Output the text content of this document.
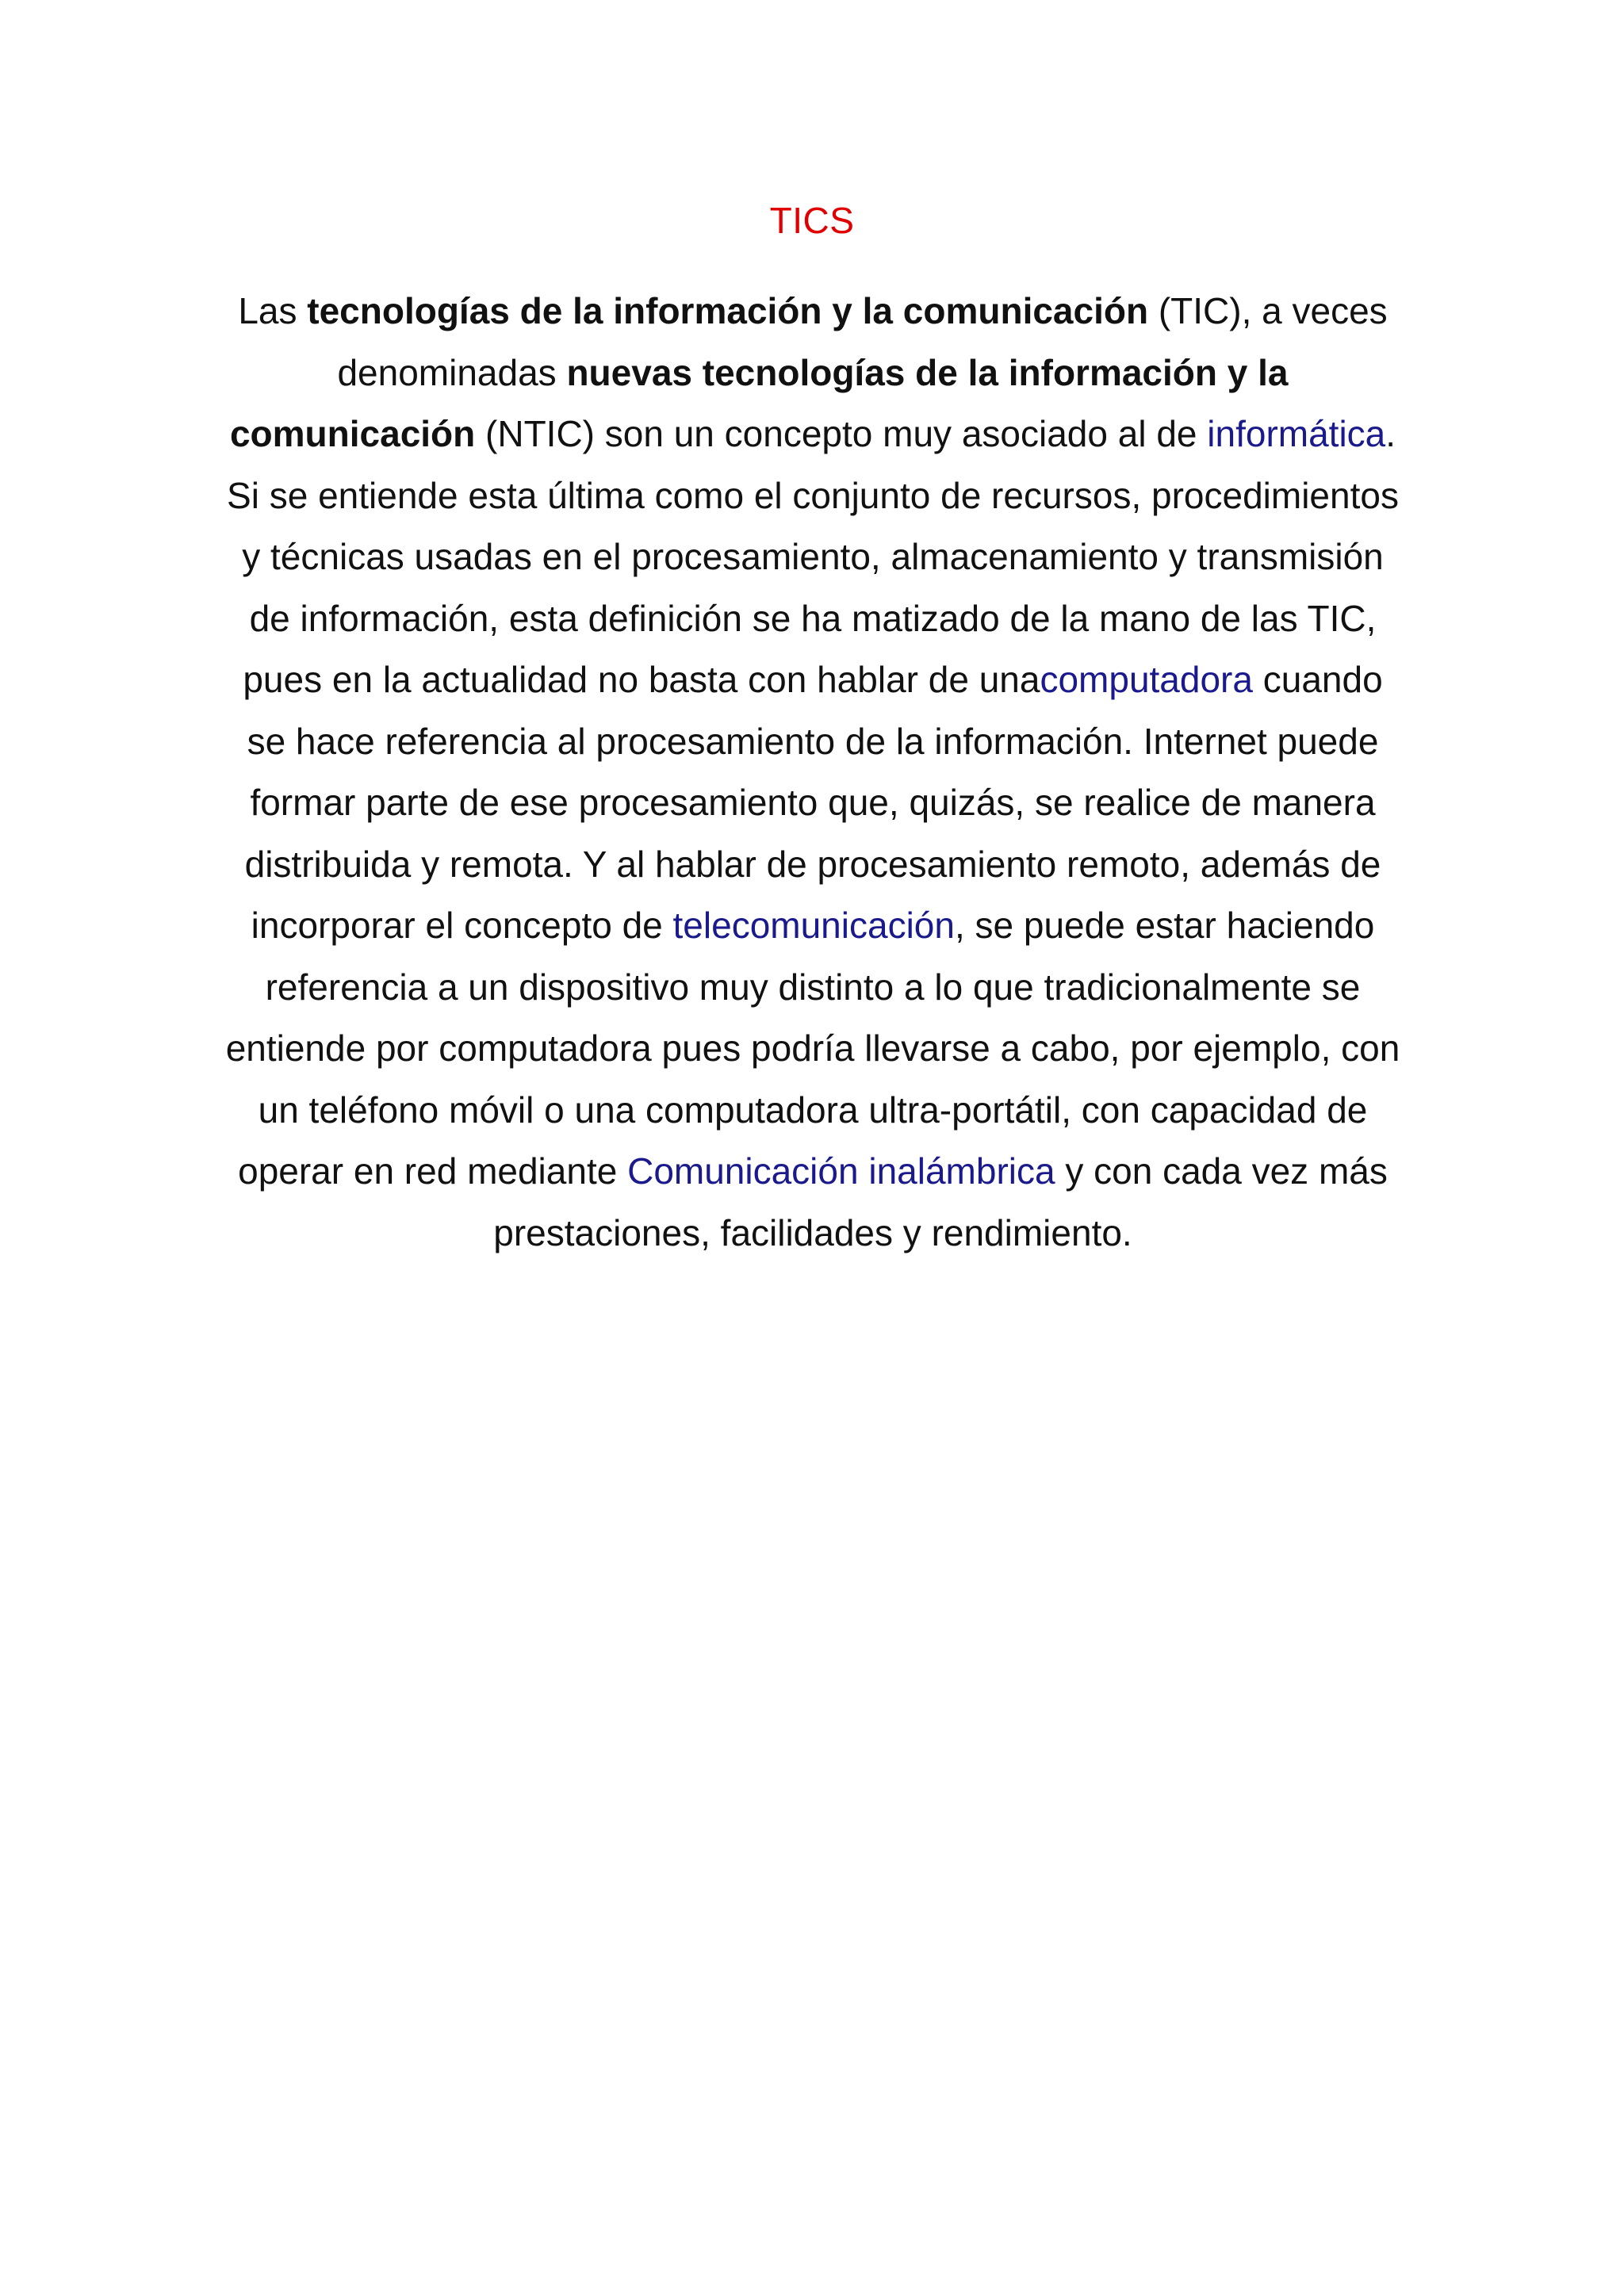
TICS

Las tecnologías de la información y la comunicación (TIC), a veces denominadas nuevas tecnologías de la información y la comunicación (NTIC) son un concepto muy asociado al de informática. Si se entiende esta última como el conjunto de recursos, procedimientos y técnicas usadas en el procesamiento, almacenamiento y transmisión de información, esta definición se ha matizado de la mano de las TIC, pues en la actualidad no basta con hablar de unacomputadora cuando se hace referencia al procesamiento de la información. Internet puede formar parte de ese procesamiento que, quizás, se realice de manera distribuida y remota. Y al hablar de procesamiento remoto, además de incorporar el concepto de telecomunicación, se puede estar haciendo referencia a un dispositivo muy distinto a lo que tradicionalmente se entiende por computadora pues podría llevarse a cabo, por ejemplo, con un teléfono móvil o una computadora ultra-portátil, con capacidad de operar en red mediante Comunicación inalámbrica y con cada vez más prestaciones, facilidades y rendimiento.
